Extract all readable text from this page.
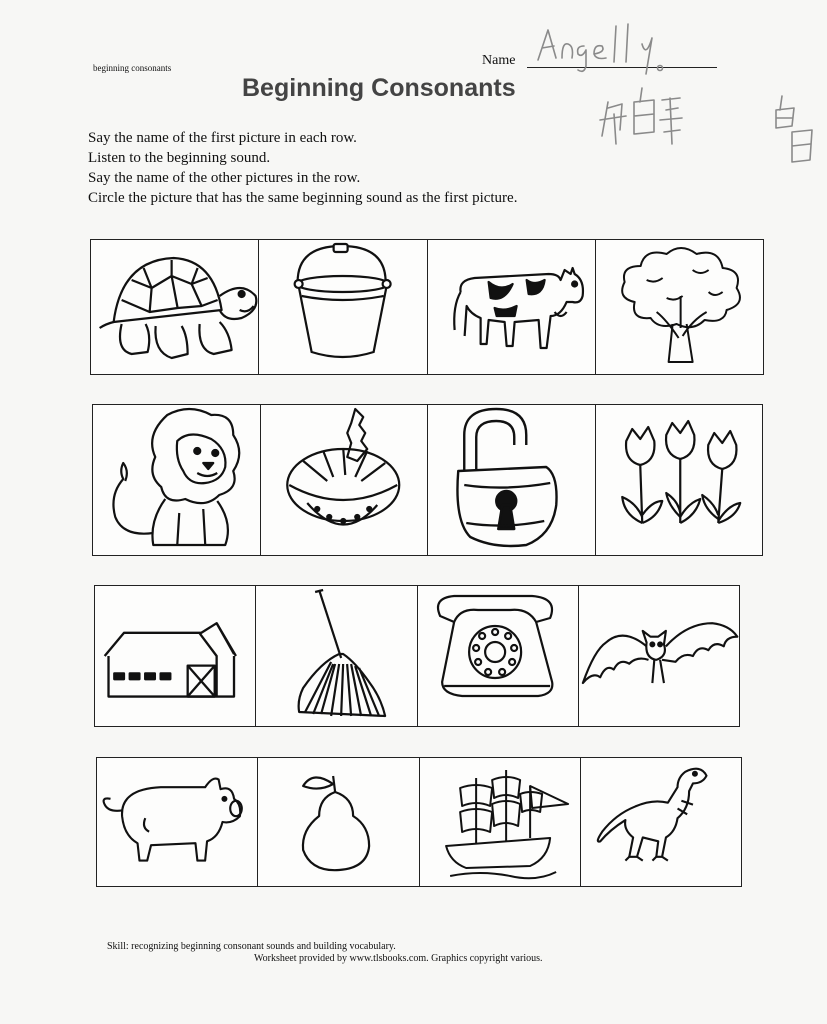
beginning consonants	Name
Beginning Consonants
Say the name of the first picture in each row.
Listen to the beginning sound.
Say the name of the other pictures in the row.
Circle the picture that has the same beginning sound as the first picture.
Skill: recognizing beginning consonant sounds and building vocabulary.
Worksheet provided by www.tlsbooks.com. Graphics copyright various.
